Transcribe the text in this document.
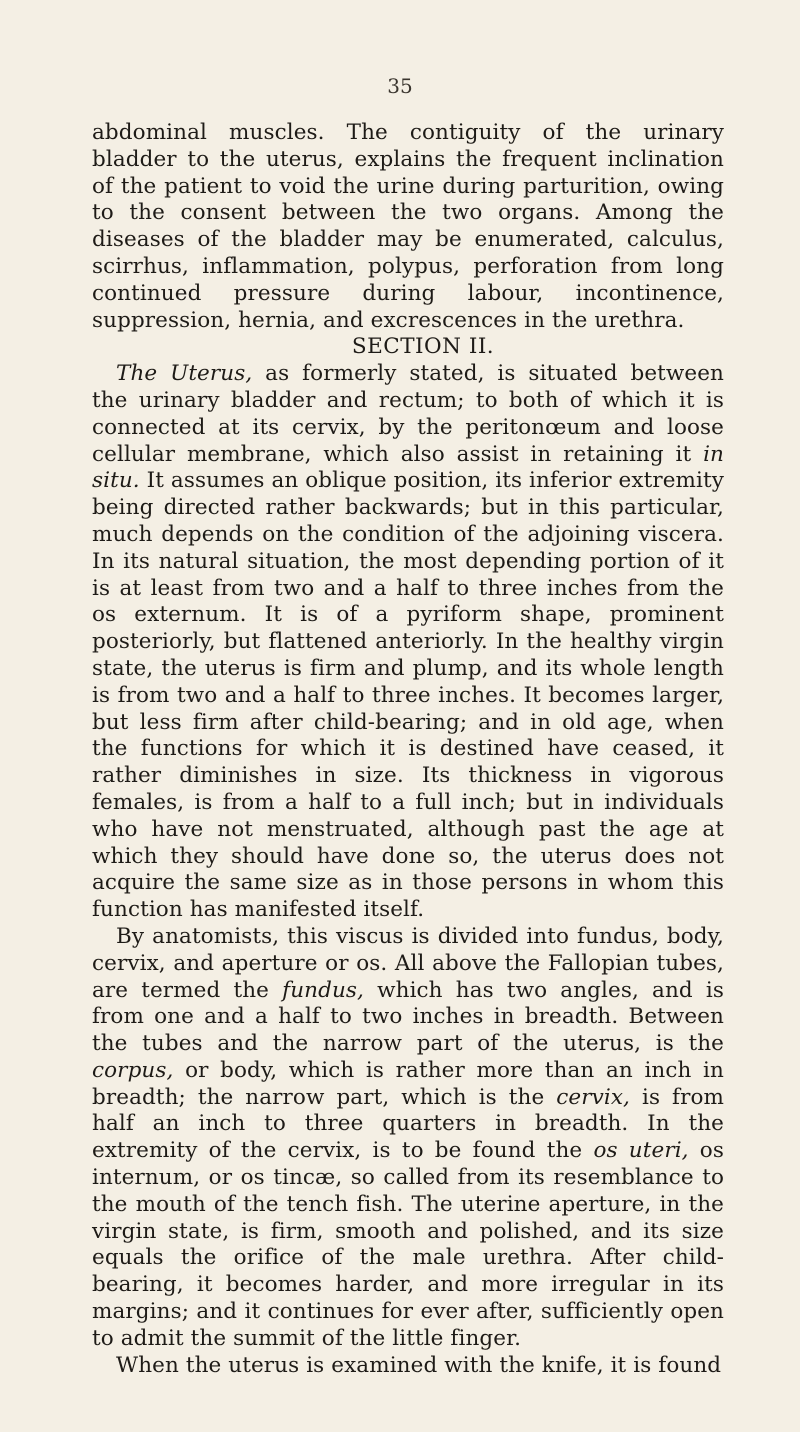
35

abdominal muscles. The contiguity of the urinary bladder to the uterus, explains the frequent inclination of the patient to void the urine during parturition, owing to the consent between the two organs. Among the diseases of the bladder may be enumerated, calculus, scirrhus, inflammation, polypus, perforation from long continued pressure during labour, incontinence, suppression, hernia, and excrescences in the urethra.

SECTION II.

The Uterus, as formerly stated, is situated between the urinary bladder and rectum; to both of which it is connected at its cervix, by the peritonœum and loose cellular membrane, which also assist in retaining it in situ. It assumes an oblique position, its inferior extremity being directed rather backwards; but in this particular, much depends on the condition of the adjoining viscera. In its natural situation, the most depending portion of it is at least from two and a half to three inches from the os externum. It is of a pyriform shape, prominent posteriorly, but flattened anteriorly. In the healthy virgin state, the uterus is firm and plump, and its whole length is from two and a half to three inches. It becomes larger, but less firm after child-bearing; and in old age, when the functions for which it is destined have ceased, it rather diminishes in size. Its thickness in vigorous females, is from a half to a full inch; but in individuals who have not menstruated, although past the age at which they should have done so, the uterus does not acquire the same size as in those persons in whom this function has manifested itself.

By anatomists, this viscus is divided into fundus, body, cervix, and aperture or os. All above the Fallopian tubes, are termed the fundus, which has two angles, and is from one and a half to two inches in breadth. Between the tubes and the narrow part of the uterus, is the corpus, or body, which is rather more than an inch in breadth; the narrow part, which is the cervix, is from half an inch to three quarters in breadth. In the extremity of the cervix, is to be found the os uteri, os internum, or os tincæ, so called from its resemblance to the mouth of the tench fish. The uterine aperture, in the virgin state, is firm, smooth and polished, and its size equals the orifice of the male urethra. After child-bearing, it becomes harder, and more irregular in its margins; and it continues for ever after, sufficiently open to admit the summit of the little finger.

When the uterus is examined with the knife, it is found
